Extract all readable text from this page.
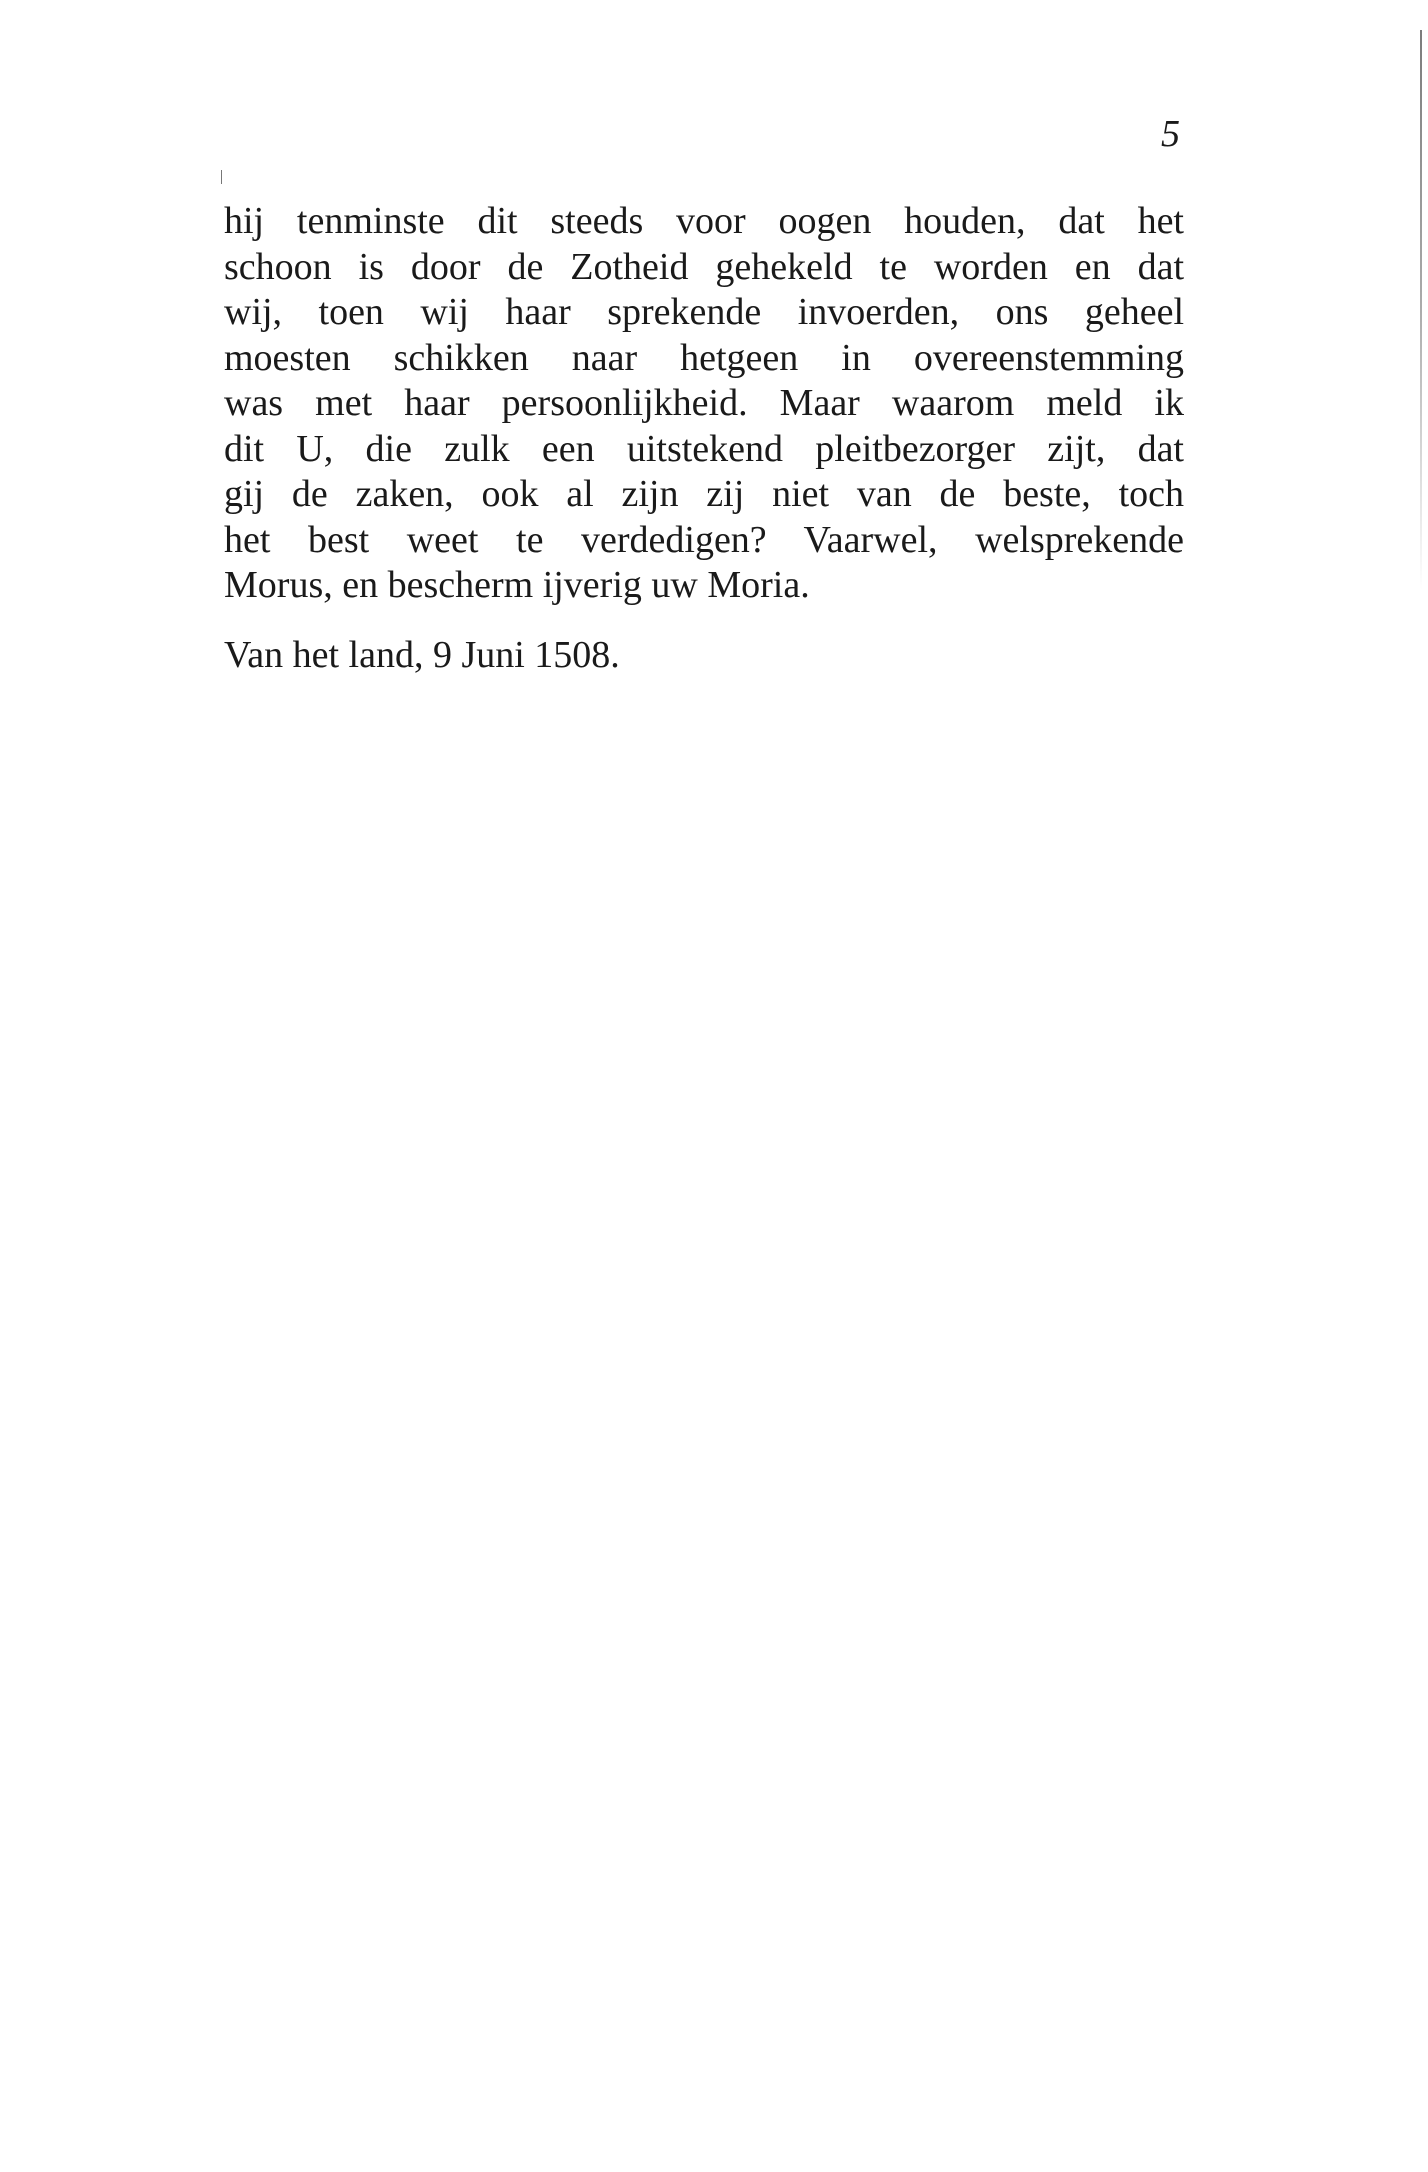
5
hij tenminste dit steeds voor oogen houden, dat het
schoon is door de Zotheid gehekeld te worden en dat
wij, toen wij haar sprekende invoerden, ons geheel
moesten schikken naar hetgeen in overeenstemming
was met haar persoonlijkheid. Maar waarom meld ik
dit U, die zulk een uitstekend pleitbezorger zijt, dat
gij de zaken, ook al zijn zij niet van de beste, toch
het best weet te verdedigen? Vaarwel, welsprekende
Morus, en bescherm ijverig uw Moria.
Van het land, 9 Juni 1508.
